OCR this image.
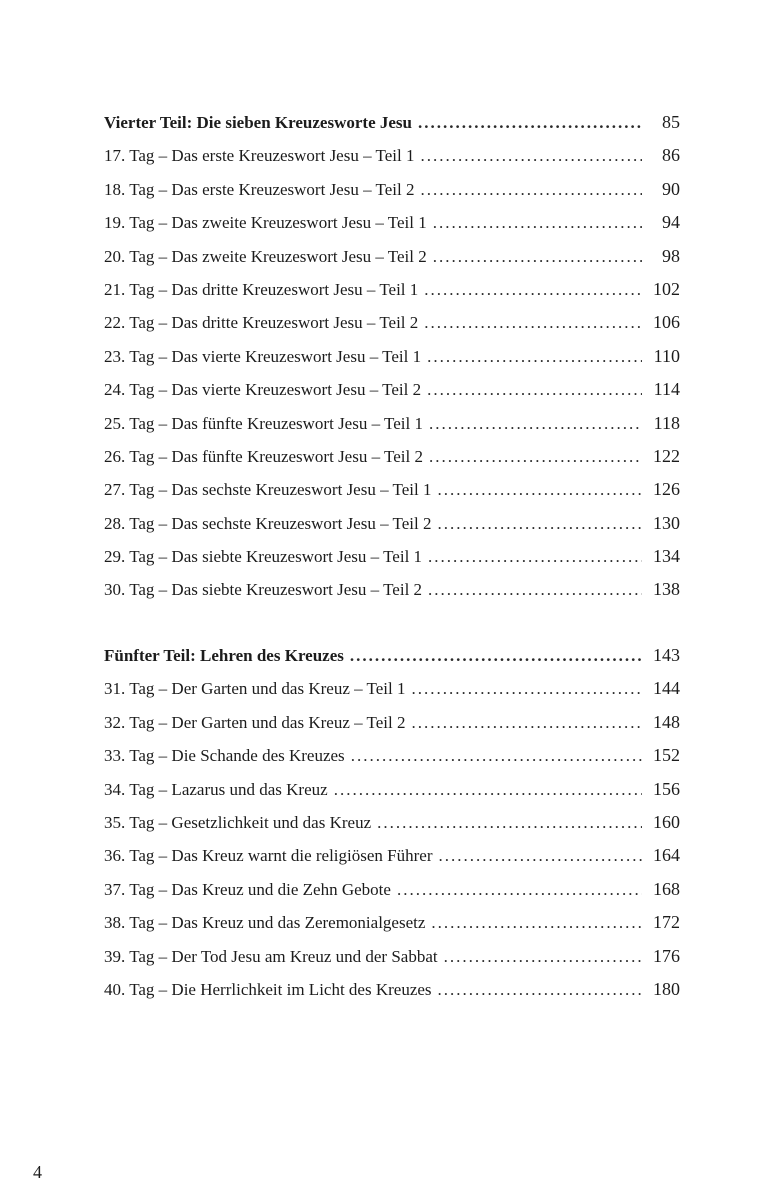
Vierter Teil: Die sieben Kreuzesworte Jesu .....	85
17. Tag – Das erste Kreuzeswort Jesu – Teil 1 .....	86
18. Tag – Das erste Kreuzeswort Jesu – Teil 2 .....	90
19. Tag – Das zweite Kreuzeswort Jesu – Teil 1 .....	94
20. Tag – Das zweite Kreuzeswort Jesu – Teil 2 .....	98
21. Tag – Das dritte Kreuzeswort Jesu – Teil 1 .....	102
22. Tag – Das dritte Kreuzeswort Jesu – Teil 2 .....	106
23. Tag – Das vierte Kreuzeswort Jesu – Teil 1 .....	110
24. Tag – Das vierte Kreuzeswort Jesu – Teil 2 .....	114
25. Tag – Das fünfte Kreuzeswort Jesu – Teil 1 .....	118
26. Tag – Das fünfte Kreuzeswort Jesu – Teil 2 .....	122
27. Tag – Das sechste Kreuzeswort Jesu – Teil 1 .....	126
28. Tag – Das sechste Kreuzeswort Jesu – Teil 2 .....	130
29. Tag – Das siebte Kreuzeswort Jesu – Teil 1 .....	134
30. Tag – Das siebte Kreuzeswort Jesu – Teil 2 .....	138
Fünfter Teil: Lehren des Kreuzes .....	143
31. Tag – Der Garten und das Kreuz – Teil 1 .....	144
32. Tag – Der Garten und das Kreuz – Teil 2 .....	148
33. Tag – Die Schande des Kreuzes .....	152
34. Tag – Lazarus und das Kreuz .....	156
35. Tag – Gesetzlichkeit und das Kreuz .....	160
36. Tag – Das Kreuz warnt die religiösen Führer .....	164
37. Tag – Das Kreuz und die Zehn Gebote .....	168
38. Tag – Das Kreuz und das Zeremonialgesetz .....	172
39. Tag – Der Tod Jesu am Kreuz und der Sabbat .....	176
40. Tag – Die Herrlichkeit im Licht des Kreuzes .....	180
4
